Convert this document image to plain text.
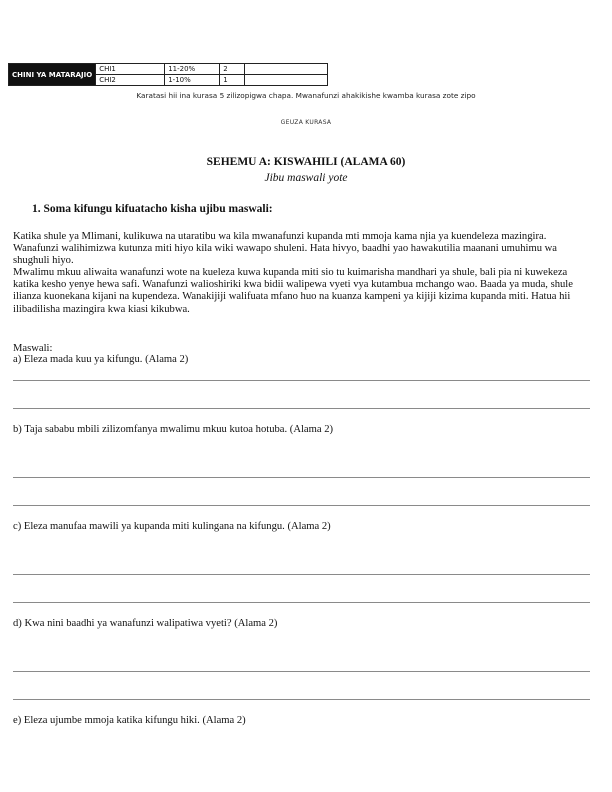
CHINI YA MATARAJIO	CHI1	11-20%	2	
	CHI2	1-10%	1	
Karatasi hii ina kurasa 5 zilizopigwa chapa. Mwanafunzi ahakikishe kwamba kurasa zote zipo
GEUZA KURASA
SEHEMU A: KISWAHILI (ALAMA 60)
Jibu maswali yote
1. Soma kifungu kifuatacho kisha ujibu maswali:

Katika shule ya Mlimani, kulikuwa na utaratibu wa kila mwanafunzi kupanda mti mmoja kama njia ya kuendeleza mazingira. Wanafunzi walihimizwa kutunza miti hiyo kila wiki wawapo shuleni. Hata hivyo, baadhi yao hawakutilia maanani umuhimu wa shughuli hiyo.

Mwalimu mkuu aliwaita wanafunzi wote na kueleza kuwa kupanda miti sio tu kuimarisha mandhari ya shule, bali pia ni kuwekeza katika kesho yenye hewa safi. Wanafunzi walioshiriki kwa bidii walipewa vyeti vya kutambua mchango wao. Baada ya muda, shule ilianza kuonekana kijani na kupendeza. Wanakijiji walifuata mfano huo na kuanza kampeni ya kijiji kizima kupanda miti. Hatua hii ilibadilisha mazingira kwa kiasi kikubwa.

Maswali:
a) Eleza mada kuu ya kifungu. (Alama 2)
b) Taja sababu mbili zilizomfanya mwalimu mkuu kutoa hotuba. (Alama 2)
c) Eleza manufaa mawili ya kupanda miti kulingana na kifungu. (Alama 2)
d) Kwa nini baadhi ya wanafunzi walipatiwa vyeti? (Alama 2)
e) Eleza ujumbe mmoja katika kifungu hiki. (Alama 2)
